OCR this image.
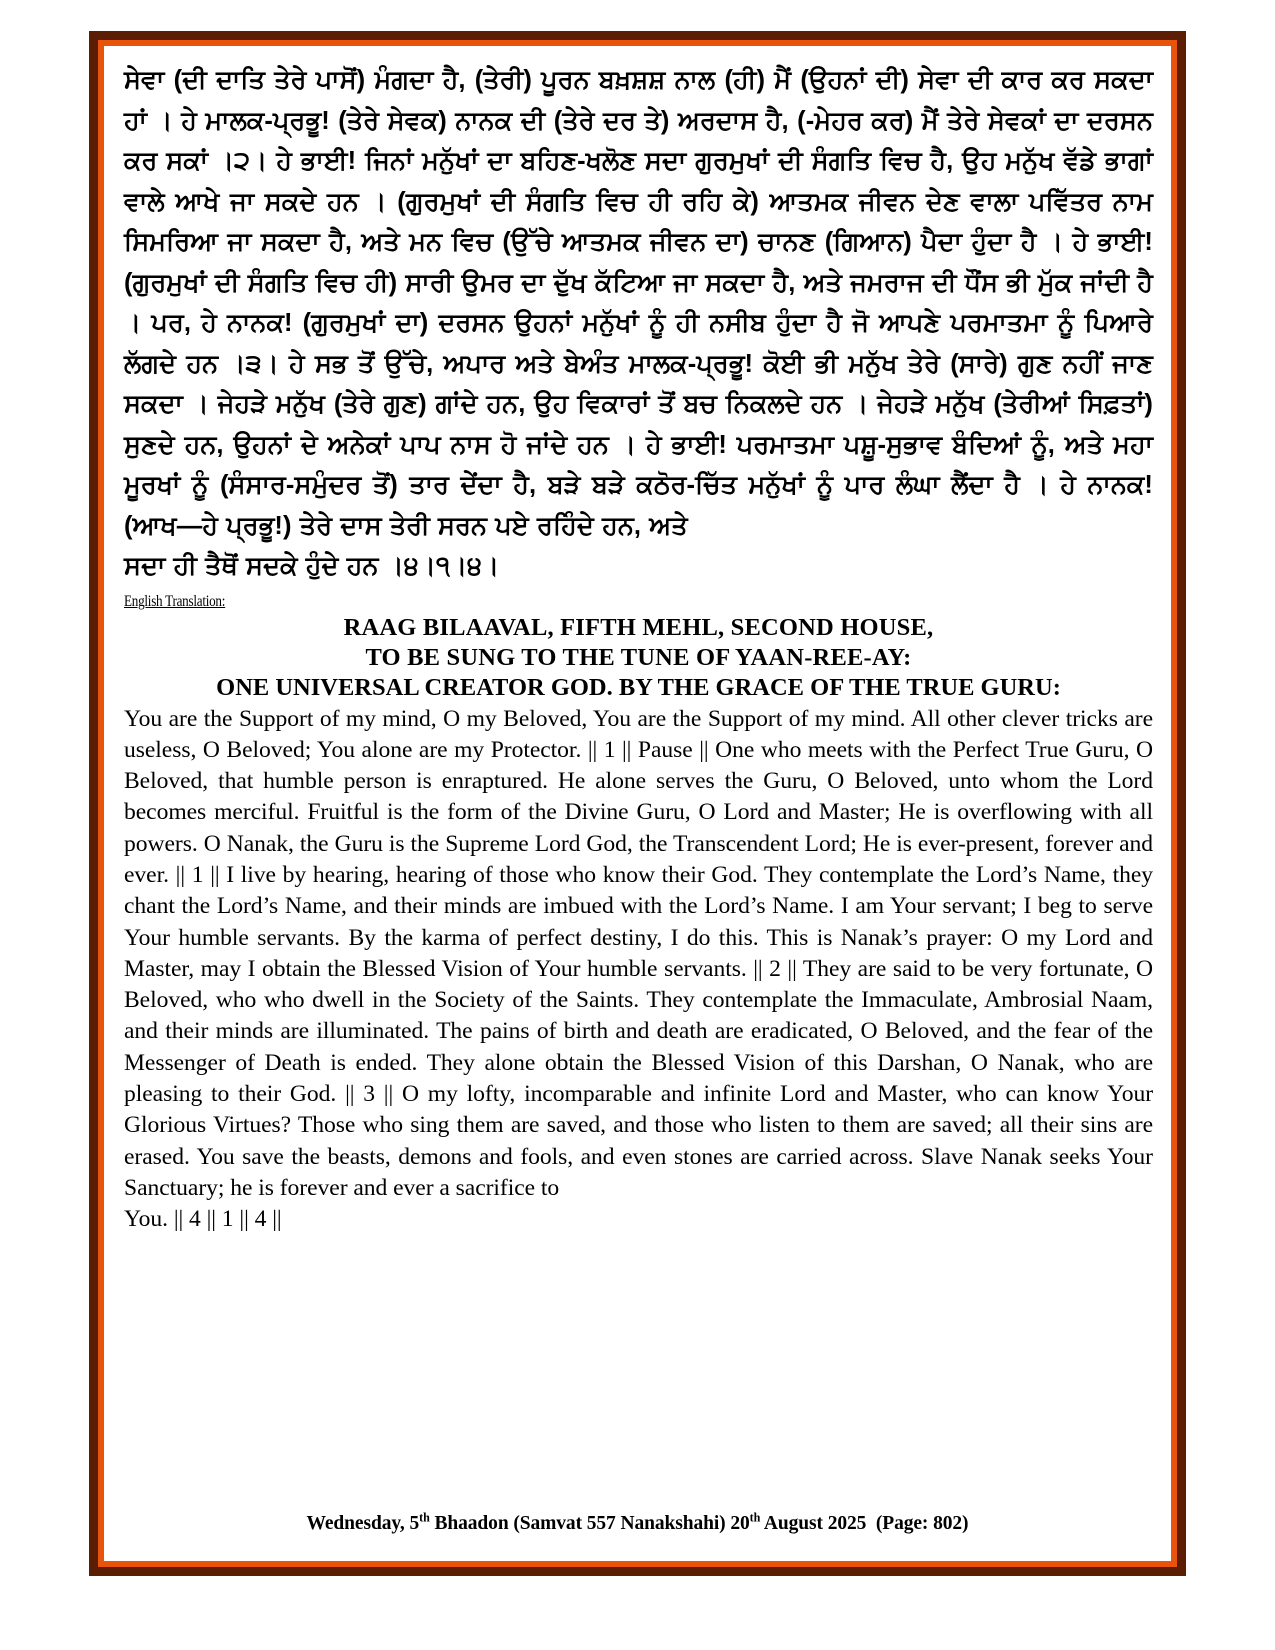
ਸੇਵਾ (ਦੀ ਦਾਤਿ ਤੇਰੇ ਪਾਸੋਂ) ਮੰਗਦਾ ਹੈ, (ਤੇਰੀ) ਪੂਰਨ ਬਖ਼ਸ਼ਸ਼ ਨਾਲ (ਹੀ) ਮੈਂ (ਉਹਨਾਂ ਦੀ) ਸੇਵਾ ਦੀ ਕਾਰ ਕਰ ਸਕਦਾ ਹਾਂ । ਹੇ ਮਾਲਕ-ਪ੍ਰਭੂ! (ਤੇਰੇ ਸੇਵਕ) ਨਾਨਕ ਦੀ (ਤੇਰੇ ਦਰ ਤੇ) ਅਰਦਾਸ ਹੈ, (-ਮੇਹਰ ਕਰ) ਮੈਂ ਤੇਰੇ ਸੇਵਕਾਂ ਦਾ ਦਰਸਨ ਕਰ ਸਕਾਂ ।੨। ਹੇ ਭਾਈ! ਜਿਨਾਂ ਮਨੁੱਖਾਂ ਦਾ ਬਹਿਣ-ਖਲੋਣ ਸਦਾ ਗੁਰਮੁਖਾਂ ਦੀ ਸੰਗਤਿ ਵਿਚ ਹੈ, ਉਹ ਮਨੁੱਖ ਵੱਡੇ ਭਾਗਾਂ ਵਾਲੇ ਆਖੇ ਜਾ ਸਕਦੇ ਹਨ । (ਗੁਰਮੁਖਾਂ ਦੀ ਸੰਗਤਿ ਵਿਚ ਹੀ ਰਹਿ ਕੇ) ਆਤਮਕ ਜੀਵਨ ਦੇਣ ਵਾਲਾ ਪਵਿੱਤਰ ਨਾਮ ਸਿਮਰਿਆ ਜਾ ਸਕਦਾ ਹੈ, ਅਤੇ ਮਨ ਵਿਚ (ਉੱਚੇ ਆਤਮਕ ਜੀਵਨ ਦਾ) ਚਾਨਣ (ਗਿਆਨ) ਪੈਦਾ ਹੁੰਦਾ ਹੈ । ਹੇ ਭਾਈ! (ਗੁਰਮੁਖਾਂ ਦੀ ਸੰਗਤਿ ਵਿਚ ਹੀ) ਸਾਰੀ ਉਮਰ ਦਾ ਦੁੱਖ ਕੱਟਿਆ ਜਾ ਸਕਦਾ ਹੈ, ਅਤੇ ਜਮਰਾਜ ਦੀ ਧੌਂਸ ਭੀ ਮੁੱਕ ਜਾਂਦੀ ਹੈ । ਪਰ, ਹੇ ਨਾਨਕ! (ਗੁਰਮੁਖਾਂ ਦਾ) ਦਰਸਨ ਉਹਨਾਂ ਮਨੁੱਖਾਂ ਨੂੰ ਹੀ ਨਸੀਬ ਹੁੰਦਾ ਹੈ ਜੋ ਆਪਣੇ ਪਰਮਾਤਮਾ ਨੂੰ ਪਿਆਰੇ ਲੱਗਦੇ ਹਨ ।੩। ਹੇ ਸਭ ਤੋਂ ਉੱਚੇ, ਅਪਾਰ ਅਤੇ ਬੇਅੰਤ ਮਾਲਕ-ਪ੍ਰਭੂ! ਕੋਈ ਭੀ ਮਨੁੱਖ ਤੇਰੇ (ਸਾਰੇ) ਗੁਣ ਨਹੀਂ ਜਾਣ ਸਕਦਾ । ਜੇਹੜੇ ਮਨੁੱਖ (ਤੇਰੇ ਗੁਣ) ਗਾਂਦੇ ਹਨ, ਉਹ ਵਿਕਾਰਾਂ ਤੋਂ ਬਚ ਨਿਕਲਦੇ ਹਨ । ਜੇਹੜੇ ਮਨੁੱਖ (ਤੇਰੀਆਂ ਸਿਫ਼ਤਾਂ) ਸੁਣਦੇ ਹਨ, ਉਹਨਾਂ ਦੇ ਅਨੇਕਾਂ ਪਾਪ ਨਾਸ ਹੋ ਜਾਂਦੇ ਹਨ । ਹੇ ਭਾਈ! ਪਰਮਾਤਮਾ ਪਸ਼ੂ-ਸੁਭਾਵ ਬੰਦਿਆਂ ਨੂੰ, ਅਤੇ ਮਹਾ ਮੂਰਖਾਂ ਨੂੰ (ਸੰਸਾਰ-ਸਮੁੰਦਰ ਤੋਂ) ਤਾਰ ਦੇਂਦਾ ਹੈ, ਬੜੇ ਬੜੇ ਕਠੋਰ-ਚਿੱਤ ਮਨੁੱਖਾਂ ਨੂੰ ਪਾਰ ਲੰਘਾ ਲੈਂਦਾ ਹੈ । ਹੇ ਨਾਨਕ! (ਆਖ—ਹੇ ਪ੍ਰਭੂ!) ਤੇਰੇ ਦਾਸ ਤੇਰੀ ਸਰਨ ਪਏ ਰਹਿੰਦੇ ਹਨ, ਅਤੇ

ਸਦਾ ਹੀ ਤੈਥੋਂ ਸਦਕੇ ਹੁੰਦੇ ਹਨ ।੪।੧।੪।

English Translation:
RAAG BILAAVAL, FIFTH MEHL, SECOND HOUSE,
TO BE SUNG TO THE TUNE OF YAAN-REE-AY:
ONE UNIVERSAL CREATOR GOD. BY THE GRACE OF THE TRUE GURU:

You are the Support of my mind, O my Beloved, You are the Support of my mind. All other clever tricks are useless, O Beloved; You alone are my Protector. || 1 || Pause || One who meets with the Perfect True Guru, O Beloved, that humble person is enraptured. He alone serves the Guru, O Beloved, unto whom the Lord becomes merciful. Fruitful is the form of the Divine Guru, O Lord and Master; He is overflowing with all powers. O Nanak, the Guru is the Supreme Lord God, the Transcendent Lord; He is ever-present, forever and ever. || 1 || I live by hearing, hearing of those who know their God. They contemplate the Lord’s Name, they chant the Lord’s Name, and their minds are imbued with the Lord’s Name. I am Your servant; I beg to serve Your humble servants. By the karma of perfect destiny, I do this. This is Nanak’s prayer: O my Lord and Master, may I obtain the Blessed Vision of Your humble servants. || 2 || They are said to be very fortunate, O Beloved, who who dwell in the Society of the Saints. They contemplate the Immaculate, Ambrosial Naam, and their minds are illuminated. The pains of birth and death are eradicated, O Beloved, and the fear of the Messenger of Death is ended. They alone obtain the Blessed Vision of this Darshan, O Nanak, who are pleasing to their God. || 3 || O my lofty, incomparable and infinite Lord and Master, who can know Your Glorious Virtues? Those who sing them are saved, and those who listen to them are saved; all their sins are erased. You save the beasts, demons and fools, and even stones are carried across. Slave Nanak seeks Your Sanctuary; he is forever and ever a sacrifice to

You. || 4 || 1 || 4 ||

Wednesday, 5th Bhaadon (Samvat 557 Nanakshahi) 20th August 2025 (Page: 802)
